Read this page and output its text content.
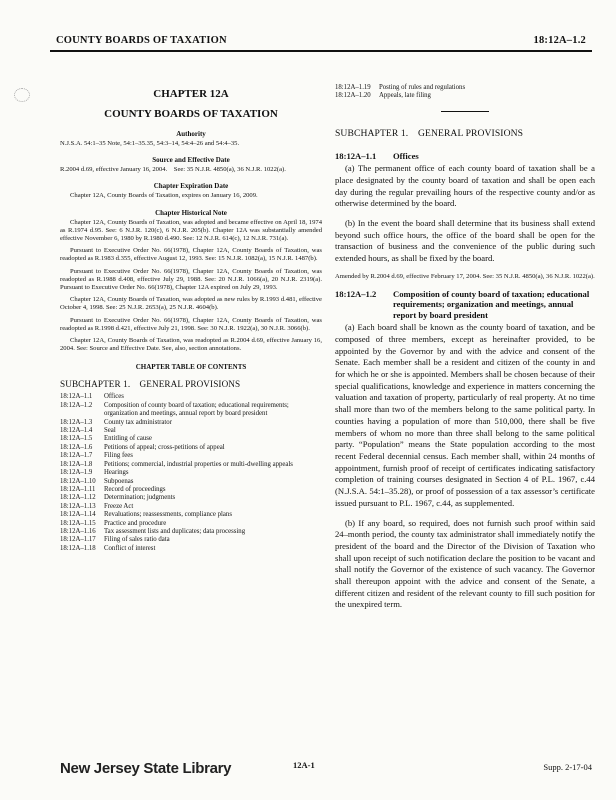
COUNTY BOARDS OF TAXATION	18:12A–1.2

CHAPTER 12A

COUNTY BOARDS OF TAXATION

Authority

N.J.S.A. 54:1–35 Note, 54:1–35.35, 54:3–14, 54:4–26 and 54:4–35.

Source and Effective Date

R.2004 d.69, effective January 16, 2004. See: 35 N.J.R. 4850(a), 36 N.J.R. 1022(a).

Chapter Expiration Date

Chapter 12A, County Boards of Taxation, expires on January 16, 2009.

Chapter Historical Note

Chapter 12A, County Boards of Taxation, was adopted and became effective on April 18, 1974 as R.1974 d.95. See: 6 N.J.R. 120(c), 6 N.J.R. 205(b). Chapter 12A was substantially amended effective November 6, 1980 by R.1980 d.490. See: 12 N.J.R. 614(c), 12 N.J.R. 731(a).

Pursuant to Executive Order No. 66(1978), Chapter 12A, County Boards of Taxation, was readopted as R.1983 d.355, effective August 12, 1993. See: 15 N.J.R. 1082(a), 15 N.J.R. 1487(b).

Pursuant to Executive Order No. 66(1978), Chapter 12A, County Boards of Taxation, was readopted as R.1988 d.408, effective July 29, 1988. See: 20 N.J.R. 1066(a), 20 N.J.R. 2319(a). Pursuant to Executive Order No. 66(1978), Chapter 12A expired on July 29, 1993.

Chapter 12A, County Boards of Taxation, was adopted as new rules by R.1993 d.481, effective October 4, 1998. See: 25 N.J.R. 2653(a), 25 N.J.R. 4604(b).

Pursuant to Executive Order No. 66(1978), Chapter 12A, County Boards of Taxation, was readopted as R.1998 d.421, effective July 21, 1998. See: 30 N.J.R. 1922(a), 30 N.J.R. 3066(b).

Chapter 12A, County Boards of Taxation, was readopted as R.2004 d.69, effective January 16, 2004. See: Source and Effective Date. See, also, section annotations.

CHAPTER TABLE OF CONTENTS

SUBCHAPTER 1. GENERAL PROVISIONS

18:12A–1.1	Offices
18:12A–1.2	Composition of county board of taxation; educational requirements; organization and meetings, annual report by board president
18:12A–1.3	County tax administrator
18:12A–1.4	Seal
18:12A–1.5	Entitling of cause
18:12A–1.6	Petitions of appeal; cross-petitions of appeal
18:12A–1.7	Filing fees
18:12A–1.8	Petitions; commercial, industrial properties or multi-dwelling appeals
18:12A–1.9	Hearings
18:12A–1.10	Subpoenas
18:12A–1.11	Record of proceedings
18:12A–1.12	Determination; judgments
18:12A–1.13	Freeze Act
18:12A–1.14	Revaluations; reassessments, compliance plans
18:12A–1.15	Practice and procedure
18:12A–1.16	Tax assessment lists and duplicates; data processing
18:12A–1.17	Filing of sales ratio data
18:12A–1.18	Conflict of interest
18:12A–1.19	Posting of rules and regulations
18:12A–1.20	Appeals, late filing

SUBCHAPTER 1. GENERAL PROVISIONS

18:12A–1.1	Offices

(a) The permanent office of each county board of taxation shall be a place designated by the county board of taxation and shall be open each day during the regular prevailing hours of the respective county and/or as otherwise determined by the board.

(b) In the event the board shall determine that its business shall extend beyond such office hours, the office of the board shall be open for the transaction of business and the convenience of the public during such extended hours, as shall be fixed by the board.

Amended by R.2004 d.69, effective February 17, 2004. See: 35 N.J.R. 4850(a), 36 N.J.R. 1022(a).

18:12A–1.2	Composition of county board of taxation; educational requirements; organization and meetings, annual report by board president

(a) Each board shall be known as the county board of taxation, and be composed of three members, except as hereinafter provided, to be appointed by the Governor by and with the advice and consent of the Senate. Each member shall be a resident and citizen of the county in and for which he or she is appointed. Members shall be chosen because of their special qualifications, knowledge and experience in matters concerning the valuation and taxation of property, particularly of real property. At no time shall more than two of the members belong to the same political party. In counties having a population of more than 510,000, there shall be five members of whom no more than three shall belong to the same political party. “Population” means the State population according to the most recent Federal decennial census. Each member shall, within 24 months of appointment, furnish proof of receipt of certificates indicating satisfactory completion of training courses designated in Section 4 of P.L. 1967, c.44 (N.J.S.A. 54:1–35.28), or proof of possession of a tax assessor’s certificate issued pursuant to P.L. 1967, c.44, as supplemented.

(b) If any board, so required, does not furnish such proof within said 24–month period, the county tax administrator shall immediately notify the president of the board and the Director of the Division of Taxation who shall upon receipt of such notification declare the position to be vacant and shall notify the Governor of the existence of such vacancy. The Governor shall thereupon appoint with the advice and consent of the Senate, a different citizen and resident of the relevant county to fill such position for the unexpired term.

New Jersey State Library	12A-1	Supp. 2-17-04
